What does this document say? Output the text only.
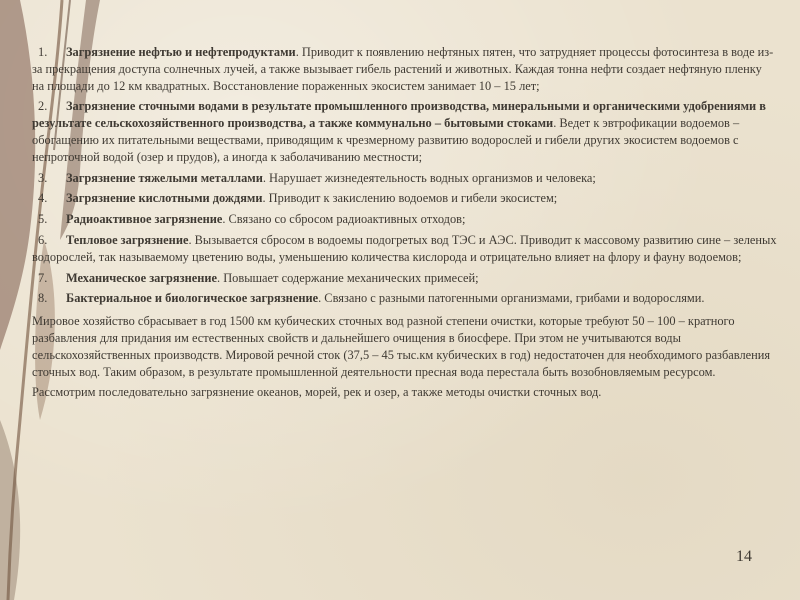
1. Загрязнение нефтью и нефтепродуктами. Приводит к появлению нефтяных пятен, что затрудняет процессы фотосинтеза в воде из-за прекращения доступа солнечных лучей, а также вызывает гибель растений и животных. Каждая тонна нефти создает нефтяную пленку на площади до 12 км квадратных. Восстановление пораженных экосистем занимает 10 – 15 лет;
2. Загрязнение сточными водами в результате промышленного производства, минеральными и органическими удобрениями в результате сельскохозяйственного производства, а также коммунально – бытовыми стоками. Ведет к эвтрофикации водоемов – обогащению их питательными веществами, приводящим к чрезмерному развитию водорослей и гибели других экосистем водоемов с непроточной водой (озер и прудов), а иногда к заболачиванию местности;
3. Загрязнение тяжелыми металлами. Нарушает жизнедеятельность водных организмов и человека;
4. Загрязнение кислотными дождями. Приводит к закислению водоемов и гибели экосистем;
5. Радиоактивное загрязнение. Связано со сбросом радиоактивных отходов;
6. Тепловое загрязнение. Вызывается сбросом в водоемы подогретых вод ТЭС и АЭС. Приводит к массовому развитию сине – зеленых водорослей, так называемому цветению воды, уменьшению количества кислорода и отрицательно влияет на флору и фауну водоемов;
7. Механическое загрязнение. Повышает содержание механических примесей;
8. Бактериальное и биологическое загрязнение. Связано с разными патогенными организмами, грибами и водорослями.

Мировое хозяйство сбрасывает в год 1500 км кубических сточных вод разной степени очистки, которые требуют 50 – 100 – кратного разбавления для придания им естественных свойств и дальнейшего очищения в биосфере. При этом не учитываются воды сельскохозяйственных производств. Мировой речной сток (37,5 – 45 тыс.км кубических в год) недостаточен для необходимого разбавления сточных вод. Таким образом, в результате промышленной деятельности пресная вода перестала быть возобновляемым ресурсом.

Рассмотрим последовательно загрязнение океанов, морей, рек и озер, а также методы очистки сточных вод.

14
